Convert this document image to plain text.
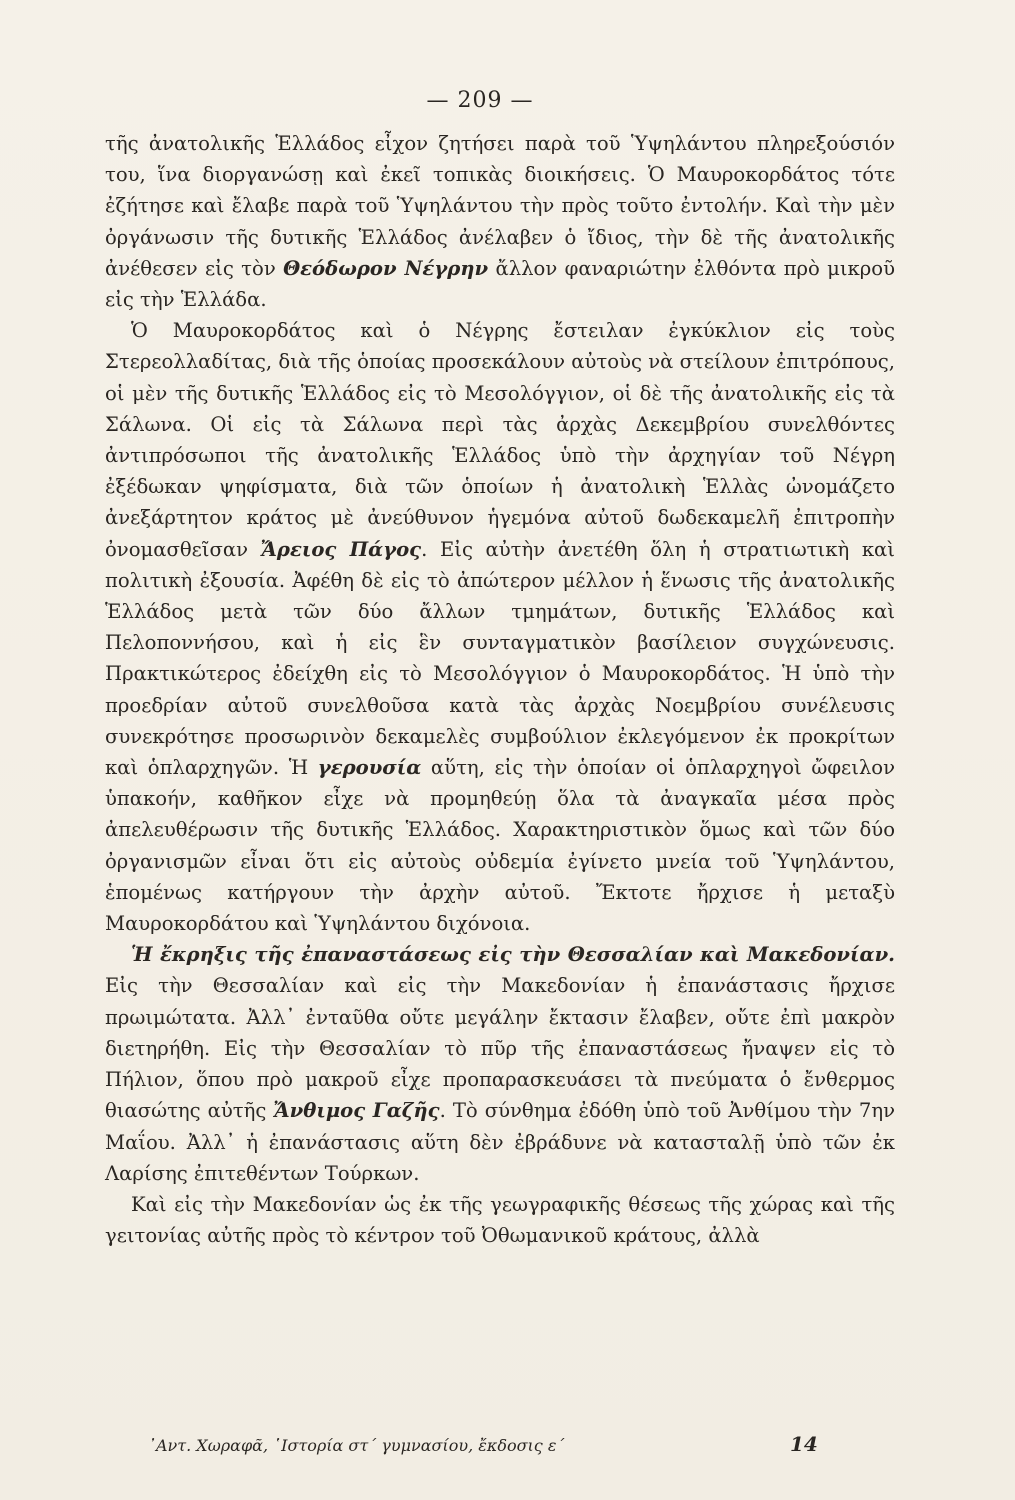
— 209 —

τῆς ἀνατολικῆς Ἑλλάδος εἶχον ζητήσει παρὰ τοῦ Ὑψηλάντου πληρεξούσιόν του, ἵνα διοργανώσῃ καὶ ἐκεῖ τοπικὰς διοικήσεις. Ὁ Μαυροκορδάτος τότε ἐζήτησε καὶ ἔλαβε παρὰ τοῦ Ὑψηλάντου τὴν πρὸς τοῦτο ἐντολήν. Καὶ τὴν μὲν ὀργάνωσιν τῆς δυτικῆς Ἑλλάδος ἀνέλαβεν ὁ ἴδιος, τὴν δὲ τῆς ἀνατολικῆς ἀνέθεσεν εἰς τὸν Θεόδωρον Νέγρην ἄλλον φαναριώτην ἐλθόντα πρὸ μικροῦ εἰς τὴν Ἑλλάδα.

Ὁ Μαυροκορδάτος καὶ ὁ Νέγρης ἔστειλαν ἐγκύκλιον εἰς τοὺς Στερεολλαδίτας, διὰ τῆς ὁποίας προσεκάλουν αὐτοὺς νὰ στείλουν ἐπιτρόπους, οἱ μὲν τῆς δυτικῆς Ἑλλάδος εἰς τὸ Μεσολόγγιον, οἱ δὲ τῆς ἀνατολικῆς εἰς τὰ Σάλωνα. Οἱ εἰς τὰ Σάλωνα περὶ τὰς ἀρχὰς Δεκεμβρίου συνελθόντες ἀντιπρόσωποι τῆς ἀνατολικῆς Ἑλλάδος ὑπὸ τὴν ἀρχηγίαν τοῦ Νέγρη ἐξέδωκαν ψηφίσματα, διὰ τῶν ὁποίων ἡ ἀνατολικὴ Ἑλλὰς ὠνομάζετο ἀνεξάρτητον κράτος μὲ ἀνεύθυνον ἡγεμόνα αὐτοῦ δωδεκαμελῆ ἐπιτροπὴν ὀνομασθεῖσαν Ἄρειος Πάγος. Εἰς αὐτὴν ἀνετέθη ὅλη ἡ στρατιωτικὴ καὶ πολιτικὴ ἐξουσία. Ἀφέθη δὲ εἰς τὸ ἀπώτερον μέλλον ἡ ἕνωσις τῆς ἀνατολικῆς Ἑλλάδος μετὰ τῶν δύο ἄλλων τμημάτων, δυτικῆς Ἑλλάδος καὶ Πελοποννήσου, καὶ ἡ εἰς ἓν συνταγματικὸν βασίλειον συγχώνευσις. Πρακτικώτερος ἐδείχθη εἰς τὸ Μεσολόγγιον ὁ Μαυροκορδάτος. Ἡ ὑπὸ τὴν προεδρίαν αὐτοῦ συνελθοῦσα κατὰ τὰς ἀρχὰς Νοεμβρίου συνέλευσις συνεκρότησε προσωρινὸν δεκαμελὲς συμβούλιον ἐκλεγόμενον ἐκ προκρίτων καὶ ὁπλαρχηγῶν. Ἡ γερουσία αὕτη, εἰς τὴν ὁποίαν οἱ ὁπλαρχηγοὶ ὤφειλον ὑπακοήν, καθῆκον εἶχε νὰ προμηθεύῃ ὅλα τὰ ἀναγκαῖα μέσα πρὸς ἀπελευθέρωσιν τῆς δυτικῆς Ἑλλάδος. Χαρακτηριστικὸν ὅμως καὶ τῶν δύο ὀργανισμῶν εἶναι ὅτι εἰς αὐτοὺς οὐδεμία ἐγίνετο μνεία τοῦ Ὑψηλάντου, ἑπομένως κατήργουν τὴν ἀρχὴν αὐτοῦ. Ἔκτοτε ἤρχισε ἡ μεταξὺ Μαυροκορδάτου καὶ Ὑψηλάντου διχόνοια.

Ἡ ἔκρηξις τῆς ἐπαναστάσεως εἰς τὴν Θεσσαλίαν καὶ Μακεδονίαν. Εἰς τὴν Θεσσαλίαν καὶ εἰς τὴν Μακεδονίαν ἡ ἐπανάστασις ἤρχισε πρωιμώτατα. Ἀλλ᾽ ἐνταῦθα οὔτε μεγάλην ἔκτασιν ἔλαβεν, οὔτε ἐπὶ μακρὸν διετηρήθη. Εἰς τὴν Θεσσαλίαν τὸ πῦρ τῆς ἐπαναστάσεως ἤναψεν εἰς τὸ Πήλιον, ὅπου πρὸ μακροῦ εἶχε προπαρασκευάσει τὰ πνεύματα ὁ ἔνθερμος θιασώτης αὐτῆς Ἄνθιμος Γαζῆς. Τὸ σύνθημα ἐδόθη ὑπὸ τοῦ Ἀνθίμου τὴν 7ην Μαΐου. Ἀλλ᾽ ἡ ἐπανάστασις αὕτη δὲν ἐβράδυνε νὰ κατασταλῇ ὑπὸ τῶν ἐκ Λαρίσης ἐπιτεθέντων Τούρκων.

Καὶ εἰς τὴν Μακεδονίαν ὡς ἐκ τῆς γεωγραφικῆς θέσεως τῆς χώρας καὶ τῆς γειτονίας αὐτῆς πρὸς τὸ κέντρον τοῦ Ὀθωμανικοῦ κράτους, ἀλλὰ

᾿Αντ. Χωραφᾶ, ῾Ιστορία στ΄ γυμνασίου, ἔκδοσις ε΄	14
